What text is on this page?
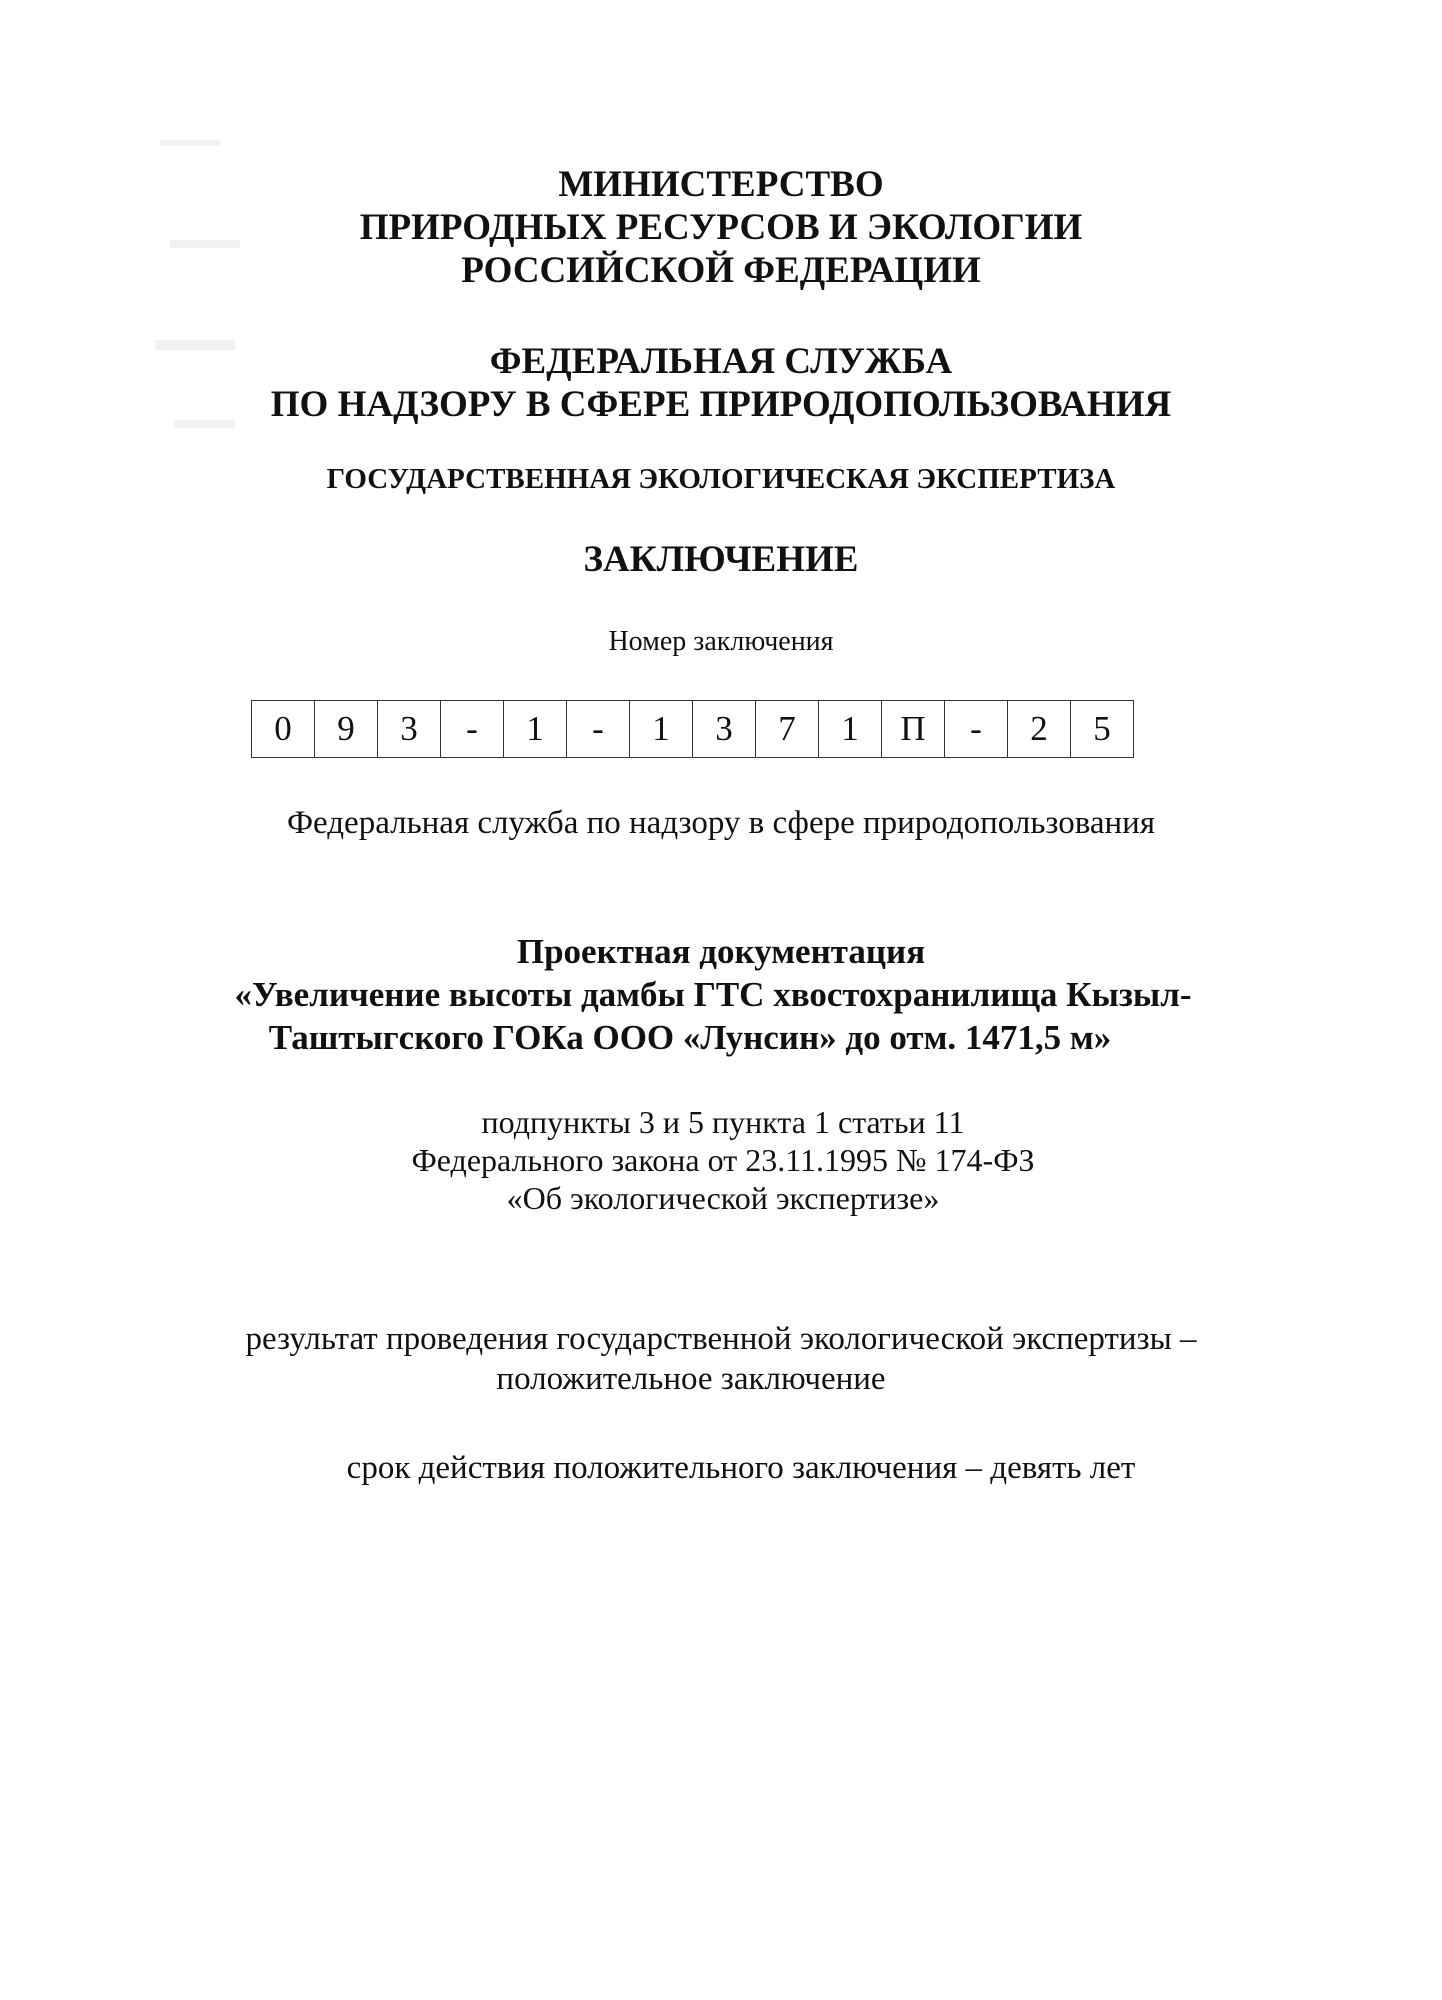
МИНИСТЕРСТВО
ПРИРОДНЫХ РЕСУРСОВ И ЭКОЛОГИИ
РОССИЙСКОЙ ФЕДЕРАЦИИ
ФЕДЕРАЛЬНАЯ СЛУЖБА
ПО НАДЗОРУ В СФЕРЕ ПРИРОДОПОЛЬЗОВАНИЯ
ГОСУДАРСТВЕННАЯ ЭКОЛОГИЧЕСКАЯ ЭКСПЕРТИЗА
ЗАКЛЮЧЕНИЕ
Номер заключения
0	9	3	-	1	-	1	3	7	1	П	-	2	5
Федеральная служба по надзору в сфере природопользования
Проектная документация
«Увеличение высоты дамбы ГТС хвостохранилища Кызыл-
Таштыгского ГОКа ООО «Лунсин» до отм. 1471,5 м»
подпункты 3 и 5 пункта 1 статьи 11
Федерального закона от 23.11.1995 № 174-ФЗ
«Об экологической экспертизе»
результат проведения государственной экологической экспертизы –
положительное заключение
срок действия положительного заключения – девять лет
